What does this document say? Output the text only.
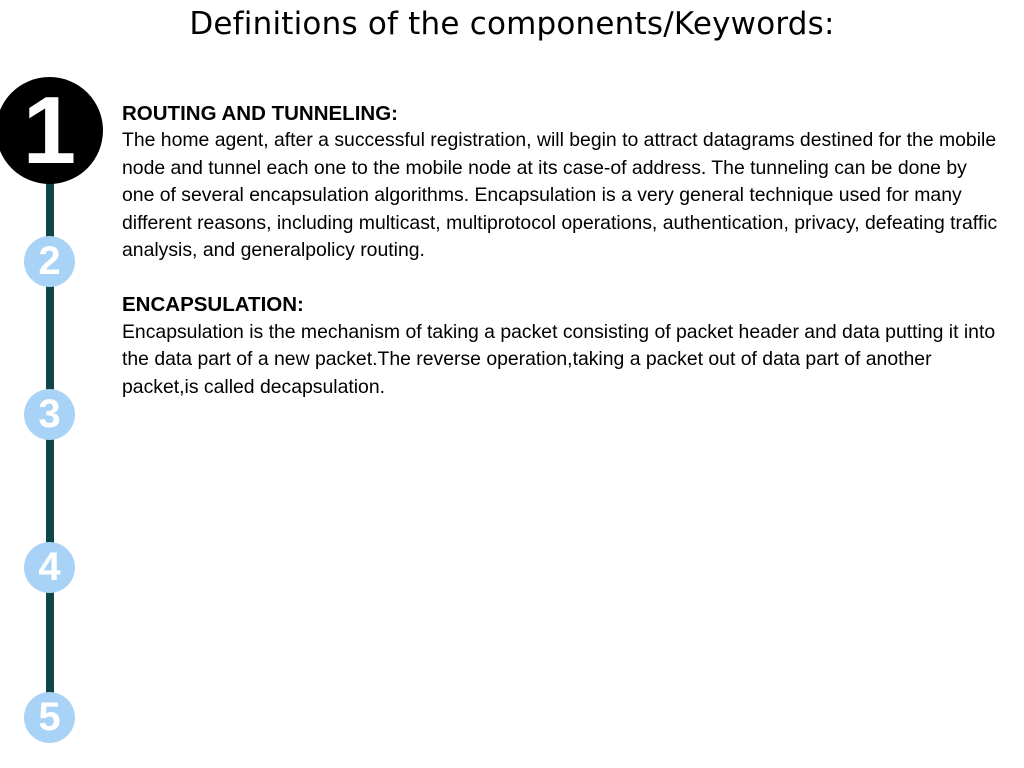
Definitions of the components/Keywords:
1
2
3
4
5
ROUTING AND TUNNELING:
The home agent, after a successful registration, will begin to attract datagrams destined for the mobile node and tunnel each one to the mobile node at its case-of address. The tunneling can be done by one of several encapsulation algorithms. Encapsulation is a very general technique used for many different reasons, including multicast, multiprotocol operations, authentication, privacy, defeating traffic analysis, and generalpolicy routing.
ENCAPSULATION:
Encapsulation is the mechanism of taking a packet consisting of packet header and data putting it into the data part of a new packet.The reverse operation,taking a packet out of data part of another packet,is called decapsulation.
